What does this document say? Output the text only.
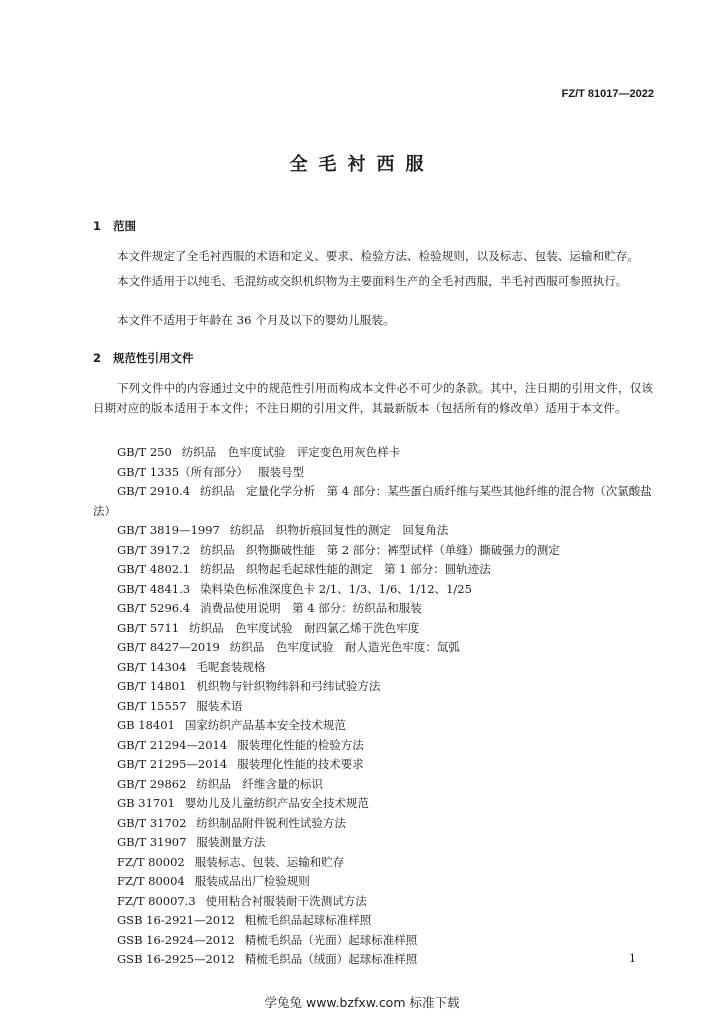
FZ/T 81017—2022
全毛衬西服
1 范围

本文件规定了全毛衬西服的术语和定义、要求、检验方法、检验规则，以及标志、包装、运输和贮存。

本文件适用于以纯毛、毛混纺或交织机织物为主要面料生产的全毛衬西服，半毛衬西服可参照执行。

本文件不适用于年龄在 36 个月及以下的婴幼儿服装。

2 规范性引用文件

下列文件中的内容通过文中的规范性引用而构成本文件必不可少的条款。其中，注日期的引用文件，仅该日期对应的版本适用于本文件；不注日期的引用文件，其最新版本（包括所有的修改单）适用于本文件。

GB/T 250 纺织品　色牢度试验　评定变色用灰色样卡
GB/T 1335（所有部分） 服装号型
GB/T 2910.4 纺织品　定量化学分析　第 4 部分：某些蛋白质纤维与某些其他纤维的混合物（次氯酸盐法）
GB/T 3819—1997 纺织品　织物折痕回复性的测定　回复角法
GB/T 3917.2 纺织品　织物撕破性能　第 2 部分：裤型试样（单缝）撕破强力的测定
GB/T 4802.1 纺织品　织物起毛起球性能的测定　第 1 部分：圆轨迹法
GB/T 4841.3 染料染色标准深度色卡 2/1、1/3、1/6、1/12、1/25
GB/T 5296.4 消费品使用说明　第 4 部分：纺织品和服装
GB/T 5711 纺织品　色牢度试验　耐四氯乙烯干洗色牢度
GB/T 8427—2019 纺织品　色牢度试验　耐人造光色牢度：氙弧
GB/T 14304 毛呢套装规格
GB/T 14801 机织物与针织物纬斜和弓纬试验方法
GB/T 15557 服装术语
GB 18401 国家纺织产品基本安全技术规范
GB/T 21294—2014 服装理化性能的检验方法
GB/T 21295—2014 服装理化性能的技术要求
GB/T 29862 纺织品　纤维含量的标识
GB 31701 婴幼儿及儿童纺织产品安全技术规范
GB/T 31702 纺织制品附件锐利性试验方法
GB/T 31907 服装测量方法
FZ/T 80002 服装标志、包装、运输和贮存
FZ/T 80004 服装成品出厂检验规则
FZ/T 80007.3 使用粘合衬服装耐干洗测试方法
GSB 16-2921—2012 粗梳毛织品起球标准样照
GSB 16-2924—2012 精梳毛织品（光面）起球标准样照
GSB 16-2925—2012 精梳毛织品（绒面）起球标准样照	1
学兔兔 www.bzfxw.com 标准下载
